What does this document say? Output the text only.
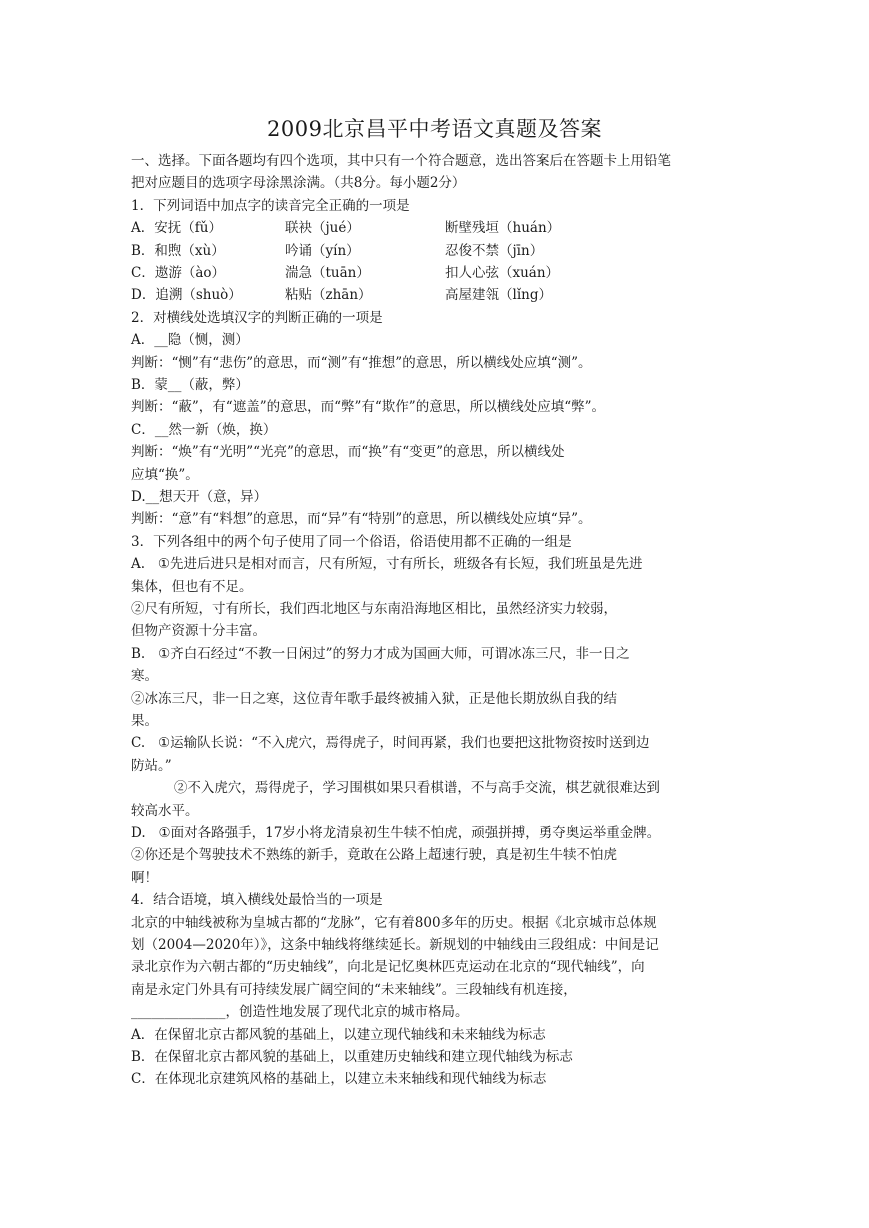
2009北京昌平中考语文真题及答案
一、选择。下面各题均有四个选项，其中只有一个符合题意，选出答案后在答题卡上用铅笔
把对应题目的选项字母涂黑涂满。（共8分。每小题2分）
1．下列词语中加点字的读音完全正确的一项是
2．对横线处选填汉字的判断正确的一项是
A．__隐（恻，测）
判断：“恻”有“悲伤”的意思，而“测”有“推想”的意思，所以横线处应填“测”。
B．蒙__（蔽，弊）
判断：“蔽”，有“遮盖”的意思，而“弊”有“欺作”的意思，所以横线处应填“弊”。
C．__然一新（焕，换）
判断：“焕”有“光明”“光亮”的意思，而“换”有“变更”的意思，所以横线处
应填“换”。
D.__想天开（意，异）
判断：“意”有“料想”的意思，而“异”有“特别”的意思，所以横线处应填“异”。
3．下列各组中的两个句子使用了同一个俗语，俗语使用都不正确的一组是
A.   ①先进后进只是相对而言，尺有所短，寸有所长，班级各有长短，我们班虽是先进
集体，但也有不足。
②尺有所短，寸有所长，我们西北地区与东南沿海地区相比，虽然经济实力较弱，
但物产资源十分丰富。
B.   ①齐白石经过“不教一日闲过”的努力才成为国画大师，可谓冰冻三尺，非一日之
寒。
②冰冻三尺，非一日之寒，这位青年歌手最终被捕入狱，正是他长期放纵自我的结
果。
C.   ①运输队长说：“不入虎穴，焉得虎子，时间再紧，我们也要把这批物资按时送到边
防站。”
②不入虎穴，焉得虎子，学习围棋如果只看棋谱，不与高手交流，棋艺就很难达到
较高水平。
D.   ①面对各路强手，17岁小将龙清泉初生牛犊不怕虎，顽强拼搏，勇夺奥运举重金牌。
②你还是个驾驶技术不熟练的新手，竟敢在公路上超速行驶，真是初生牛犊不怕虎
啊！
4．结合语境，填入横线处最恰当的一项是
北京的中轴线被称为皇城古都的“龙脉”，它有着800多年的历史。根据《北京城市总体规
划（2004—2020年）》，这条中轴线将继续延长。新规划的中轴线由三段组成：中间是记
录北京作为六朝古都的“历史轴线”，向北是记忆奥林匹克运动在北京的“现代轴线”，向
南是永定门外具有可持续发展广阔空间的“未来轴线”。三段轴线有机连接，
______________，创造性地发展了现代北京的城市格局。
A．在保留北京古都风貌的基础上，以建立现代轴线和未来轴线为标志
B．在保留北京古都风貌的基础上，以重建历史轴线和建立现代轴线为标志
C．在体现北京建筑风格的基础上，以建立未来轴线和现代轴线为标志
A．安抚（fǔ）	联袂（jué）	断壁残垣（huán）
B．和煦（xù）	吟诵（yín）	忍俊不禁（jīn）
C．遨游（ào）	湍急（tuān）	扣人心弦（xuán）
D．追溯（shuò）	粘贴（zhān）	高屋建瓴（lǐng）
